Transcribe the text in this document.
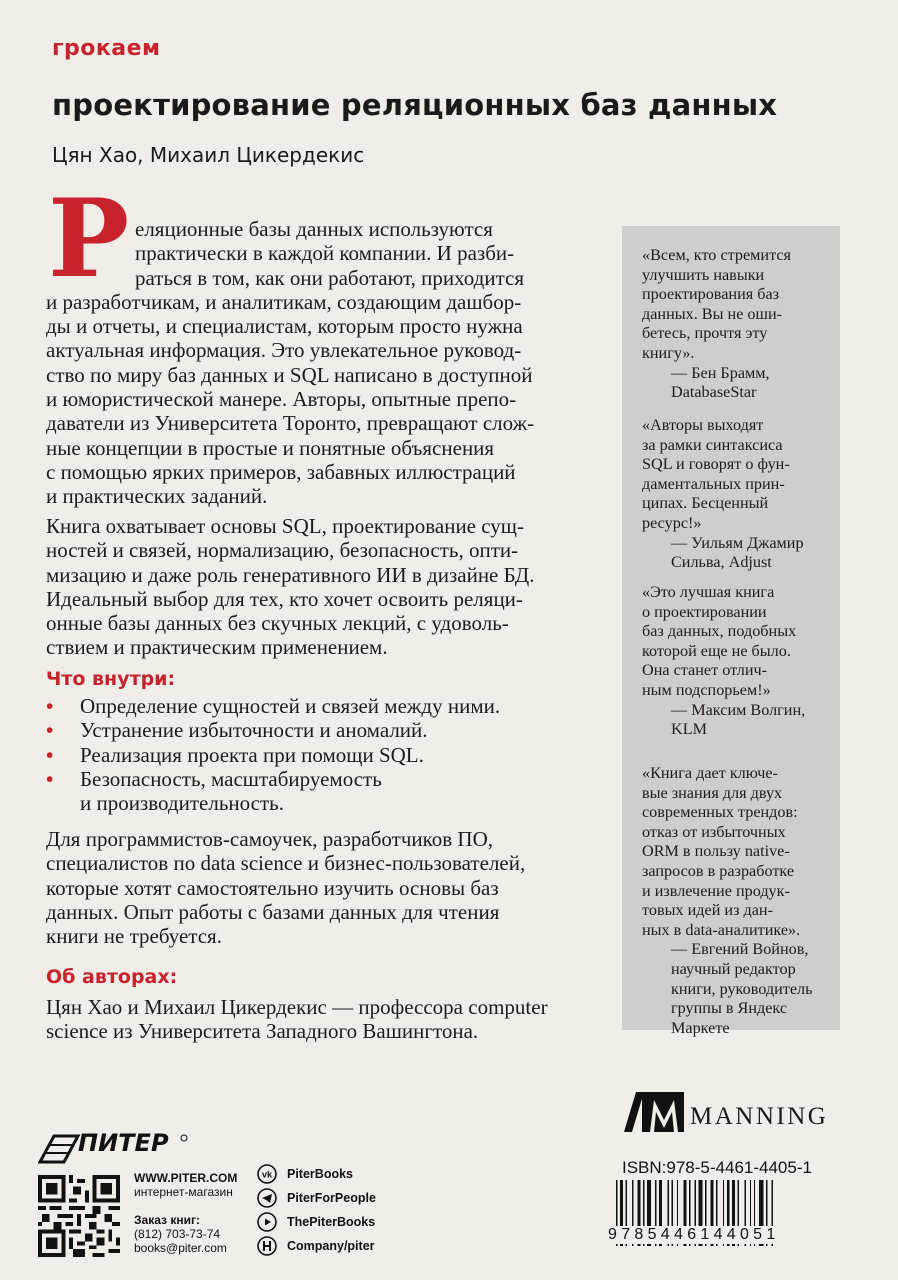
грокаем
проектирование реляционных баз данных
Цян Хао, Михаил Цикердекис
Р еляционные базы данных используются
практически в каждой компании. И разби-
раться в том, как они работают, приходится
и разработчикам, и аналитикам, создающим дашбор-
ды и отчеты, и специалистам, которым просто нужна
актуальная информация. Это увлекательное руковод-
ство по миру баз данных и SQL написано в доступной
и юмористической манере. Авторы, опытные препо-
даватели из Университета Торонто, превращают слож-
ные концепции в простые и понятные объяснения
с помощью ярких примеров, забавных иллюстраций
и практических заданий.
Книга охватывает основы SQL, проектирование сущ-
ностей и связей, нормализацию, безопасность, опти-
мизацию и даже роль генеративного ИИ в дизайне БД.
Идеальный выбор для тех, кто хочет освоить реляци-
онные базы данных без скучных лекций, с удоволь-
ствием и практическим применением.
Что внутри:
• Определение сущностей и связей между ними.
• Устранение избыточности и аномалий.
• Реализация проекта при помощи SQL.
• Безопасность, масштабируемость
и производительность.
Для программистов-самоучек, разработчиков ПО,
специалистов по data science и бизнес-пользователей,
которые хотят самостоятельно изучить основы баз
данных. Опыт работы с базами данных для чтения
книги не требуется.
Об авторах:
Цян Хао и Михаил Цикердекис — профессора computer
science из Университета Западного Вашингтона.
«Всем, кто стремится
улучшить навыки
проектирования баз
данных. Вы не оши-
бетесь, прочтя эту
книгу».
— Бен Брамм,
DatabaseStar
«Авторы выходят
за рамки синтаксиса
SQL и говорят о фун-
даментальных прин-
ципах. Бесценный
ресурс!»
— Уильям Джамир
Сильва, Adjust
«Это лучшая книга
о проектировании
баз данных, подобных
которой еще не было.
Она станет отлич-
ным подспорьем!»
— Максим Волгин,
KLM
«Книга дает ключе-
вые знания для двух
современных трендов:
отказ от избыточных
ORM в пользу native-
запросов в разработке
и извлечение продук-
товых идей из дан-
ных в data-аналитике».
— Евгений Войнов,
научный редактор
книги, руководитель
группы в Яндекс
Маркете
MANNING
ПИТЕР
WWW.PITER.COM
интернет-магазин
Заказ книг:
(812) 703-73-74
books@piter.com
vk PiterBooks
PiterForPeople
ThePiterBooks
Company/piter
ISBN:978-5-4461-4405-1
9785446144051
